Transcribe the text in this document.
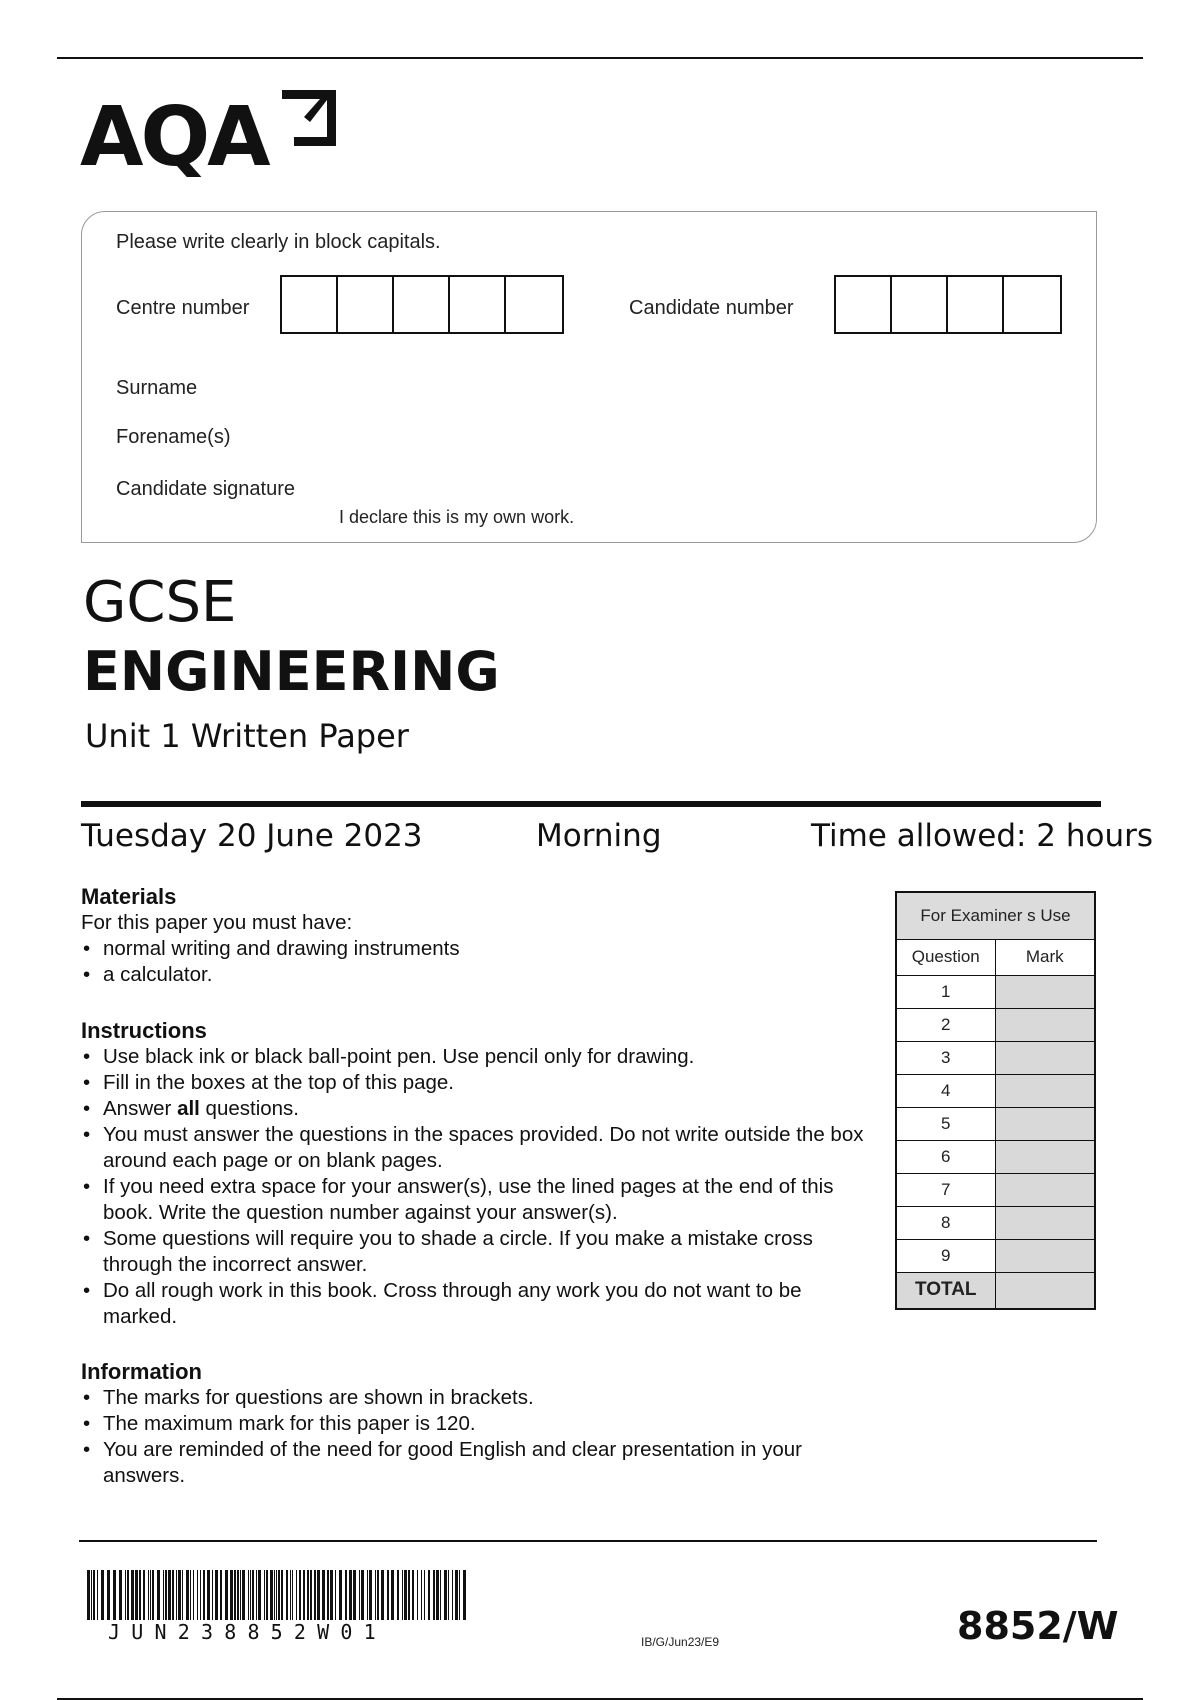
AQA
Please write clearly in block capitals.
Centre number	Candidate number
Surname
Forename(s)
Candidate signature
I declare this is my own work.
GCSE
ENGINEERING
Unit 1 Written Paper
Tuesday 20 June 2023	Morning	Time allowed: 2 hours
Materials
For this paper you must have:
• normal writing and drawing instruments
• a calculator.
Instructions
• Use black ink or black ball-point pen. Use pencil only for drawing.
• Fill in the boxes at the top of this page.
• Answer all questions.
• You must answer the questions in the spaces provided. Do not write outside the box around each page or on blank pages.
• If you need extra space for your answer(s), use the lined pages at the end of this book. Write the question number against your answer(s).
• Some questions will require you to shade a circle. If you make a mistake cross through the incorrect answer.
• Do all rough work in this book. Cross through any work you do not want to be marked.
Information
• The marks for questions are shown in brackets.
• The maximum mark for this paper is 120.
• You are reminded of the need for good English and clear presentation in your answers.
For Examiner s Use	
Question	Mark
1	
2	
3	
4	
5	
6	
7	
8	
9	
TOTAL	
JUN238852W01	IB/G/Jun23/E9	8852/W
